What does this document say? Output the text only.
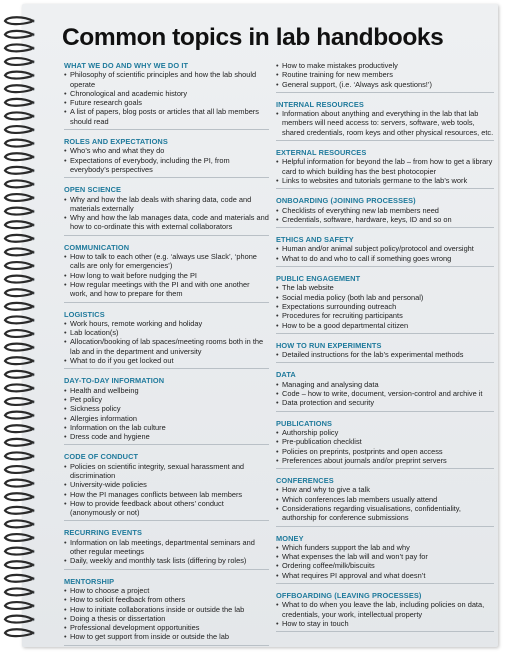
Common topics in lab handbooks
WHAT WE DO AND WHY WE DO IT
• Philosophy of scientific principles and how the lab should operate
• Chronological and academic history
• Future research goals
• A list of papers, blog posts or articles that all lab members should read
ROLES AND EXPECTATIONS
• Who’s who and what they do
• Expectations of everybody, including the PI, from everybody’s perspectives
OPEN SCIENCE
• Why and how the lab deals with sharing data, code and materials externally
• Why and how the lab manages data, code and materials and how to co-ordinate this with external collaborators
COMMUNICATION
• How to talk to each other (e.g. ‘always use Slack’, ‘phone calls are only for emergencies’)
• How long to wait before nudging the PI
• How regular meetings with the PI and with one another work, and how to prepare for them
LOGISTICS
• Work hours, remote working and holiday
• Lab location(s)
• Allocation/booking of lab spaces/meeting rooms both in the lab and in the department and university
• What to do if you get locked out
DAY-TO-DAY INFORMATION
• Health and wellbeing
• Pet policy
• Sickness policy
• Allergies information
• Information on the lab culture
• Dress code and hygiene
CODE OF CONDUCT
• Policies on scientific integrity, sexual harassment and discrimination
• University-wide policies
• How the PI manages conflicts between lab members
• How to provide feedback about others’ conduct (anonymously or not)
RECURRING EVENTS
• Information on lab meetings, departmental seminars and other regular meetings
• Daily, weekly and monthly task lists (differing by roles)
MENTORSHIP
• How to choose a project
• How to solicit feedback from others
• How to initiate collaborations inside or outside the lab
• Doing a thesis or dissertation
• Professional development opportunities
• How to get support from inside or outside the lab
• How to make mistakes productively
• Routine training for new members
• General support, (i.e. ‘Always ask questions!’)
INTERNAL RESOURCES
• Information about anything and everything in the lab that lab members will need access to: servers, software, web tools, shared credentials, room keys and other physical resources, etc.
EXTERNAL RESOURCES
• Helpful information for beyond the lab – from how to get a library card to which building has the best photocopier
• Links to websites and tutorials germane to the lab’s work
ONBOARDING (JOINING PROCESSES)
• Checklists of everything new lab members need
• Credentials, software, hardware, keys, ID and so on
ETHICS AND SAFETY
• Human and/or animal subject policy/protocol and oversight
• What to do and who to call if something goes wrong
PUBLIC ENGAGEMENT
• The lab website
• Social media policy (both lab and personal)
• Expectations surrounding outreach
• Procedures for recruiting participants
• How to be a good departmental citizen
HOW TO RUN EXPERIMENTS
• Detailed instructions for the lab’s experimental methods
DATA
• Managing and analysing data
• Code – how to write, document, version-control and archive it
• Data protection and security
PUBLICATIONS
• Authorship policy
• Pre-publication checklist
• Policies on preprints, postprints and open access
• Preferences about journals and/or preprint servers
CONFERENCES
• How and why to give a talk
• Which conferences lab members usually attend
• Considerations regarding visualisations, confidentiality, authorship for conference submissions
MONEY
• Which funders support the lab and why
• What expenses the lab will and won’t pay for
• Ordering coffee/milk/biscuits
• What requires PI approval and what doesn’t
OFFBOARDING (LEAVING PROCESSES)
• What to do when you leave the lab, including policies on data, credentials, your work, intellectual property
• How to stay in touch
